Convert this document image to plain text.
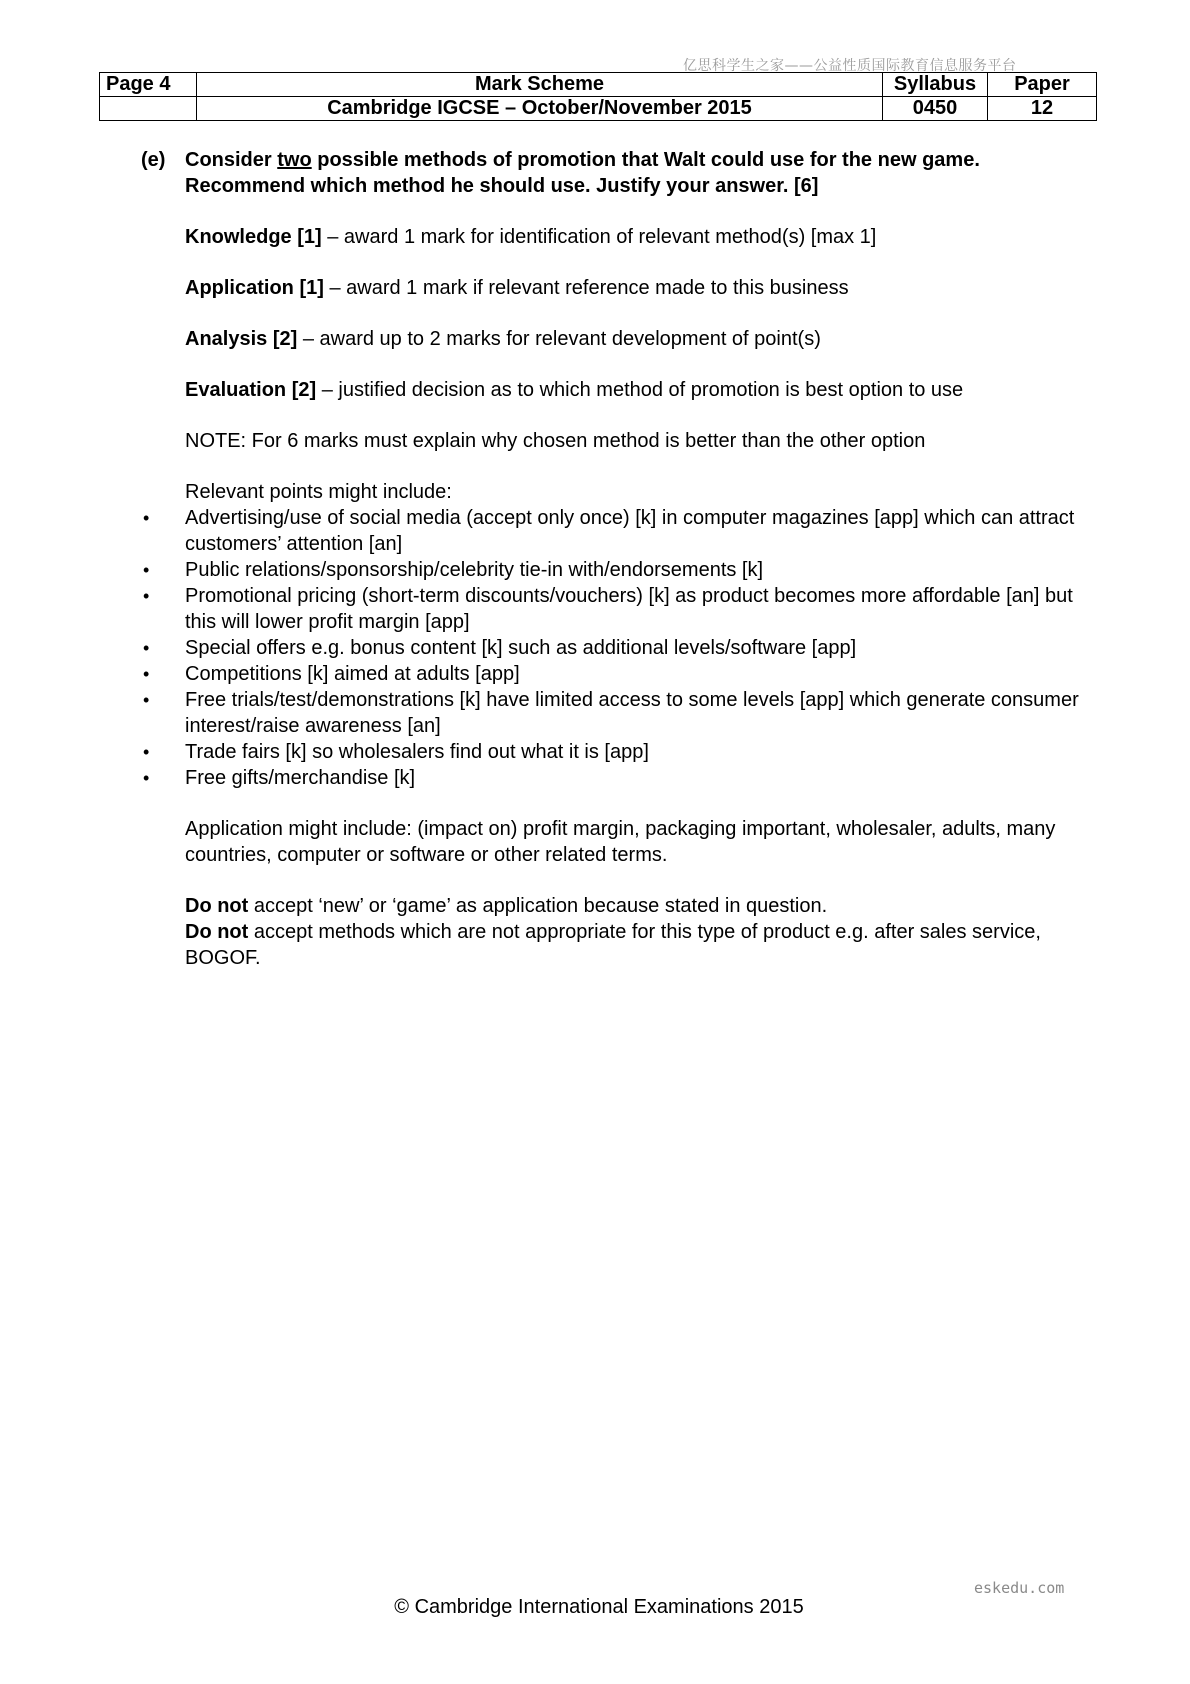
亿思科学生之家——公益性质国际教育信息服务平台
Page 4	Mark Scheme	Syllabus	Paper
	Cambridge IGCSE – October/November 2015	0450	12
(e) Consider two possible methods of promotion that Walt could use for the new game. Recommend which method he should use. Justify your answer. [6]

Knowledge [1] – award 1 mark for identification of relevant method(s) [max 1]

Application [1] – award 1 mark if relevant reference made to this business

Analysis [2] – award up to 2 marks for relevant development of point(s)

Evaluation [2] – justified decision as to which method of promotion is best option to use

NOTE: For 6 marks must explain why chosen method is better than the other option

Relevant points might include:

• Advertising/use of social media (accept only once) [k] in computer magazines [app] which can attract customers’ attention [an]
• Public relations/sponsorship/celebrity tie-in with/endorsements [k]
• Promotional pricing (short-term discounts/vouchers) [k] as product becomes more affordable [an] but this will lower profit margin [app]
• Special offers e.g. bonus content [k] such as additional levels/software [app]
• Competitions [k] aimed at adults [app]
• Free trials/test/demonstrations [k] have limited access to some levels [app] which generate consumer interest/raise awareness [an]
• Trade fairs [k] so wholesalers find out what it is [app]
• Free gifts/merchandise [k]

Application might include: (impact on) profit margin, packaging important, wholesaler, adults, many countries, computer or software or other related terms.

Do not accept ‘new’ or ‘game’ as application because stated in question.

Do not accept methods which are not appropriate for this type of product e.g. after sales service, BOGOF.

eskedu.com
© Cambridge International Examinations 2015
